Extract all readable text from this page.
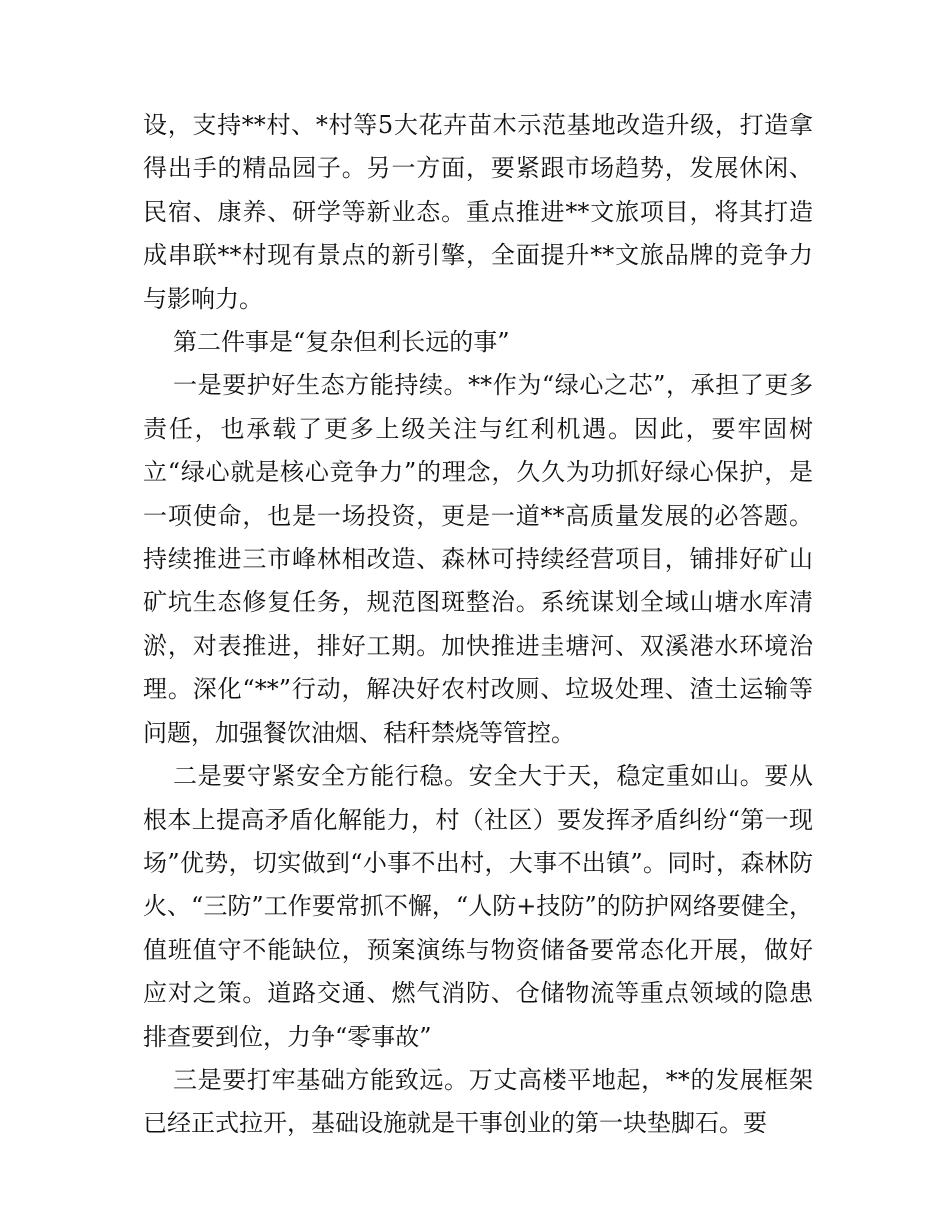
设，支持**村、*村等5大花卉苗木示范基地改造升级，打造拿得出手的精品园子。另一方面，要紧跟市场趋势，发展休闲、民宿、康养、研学等新业态。重点推进**文旅项目，将其打造成串联**村现有景点的新引擎，全面提升**文旅品牌的竞争力与影响力。

第二件事是“复杂但利长远的事”

一是要护好生态方能持续。**作为“绿心之芯”，承担了更多责任，也承载了更多上级关注与红利机遇。因此，要牢固树立“绿心就是核心竞争力”的理念，久久为功抓好绿心保护，是一项使命，也是一场投资，更是一道**高质量发展的必答题。持续推进三市峰林相改造、森林可持续经营项目，铺排好矿山矿坑生态修复任务，规范图斑整治。系统谋划全域山塘水库清淤，对表推进，排好工期。加快推进圭塘河、双溪港水环境治理。深化“**”行动，解决好农村改厕、垃圾处理、渣土运输等问题，加强餐饮油烟、秸秆禁烧等管控。

二是要守紧安全方能行稳。安全大于天，稳定重如山。要从根本上提高矛盾化解能力，村（社区）要发挥矛盾纠纷“第一现场”优势，切实做到“小事不出村，大事不出镇”。同时，森林防火、“三防”工作要常抓不懈，“人防+技防”的防护网络要健全，值班值守不能缺位，预案演练与物资储备要常态化开展，做好应对之策。道路交通、燃气消防、仓储物流等重点领域的隐患排查要到位，力争“零事故”

三是要打牢基础方能致远。万丈高楼平地起，**的发展框架已经正式拉开，基础设施就是干事创业的第一块垫脚石。要
